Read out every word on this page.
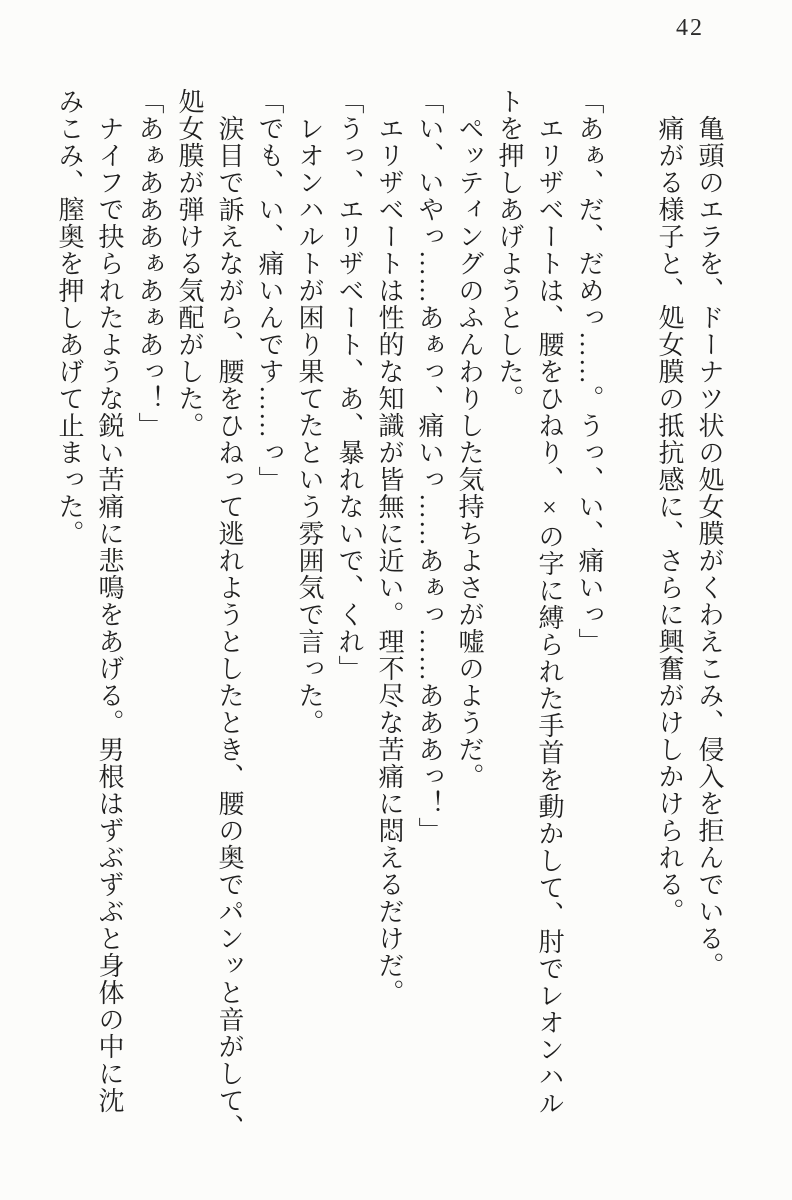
42
亀頭のエラを、ドーナツ状の処女膜がくわえこみ、侵入を拒んでいる。
痛がる様子と、処女膜の抵抗感に、さらに興奮がけしかけられる。
「あぁ、だ、だめっ……。うっ、い、痛いっ」
エリザベートは、腰をひねり、×の字に縛られた手首を動かして、肘でレオンハル
トを押しあげようとした。
ペッティングのふんわりした気持ちよさが嘘のようだ。
「い、いやっ……あぁっ、痛いっ……あぁっ……あああっ！」
エリザベートは性的な知識が皆無に近い。理不尽な苦痛に悶えるだけだ。
「うっ、エリザベート、あ、暴れないで、くれ」
レオンハルトが困り果てたという雰囲気で言った。
「でも、い、痛いんです……っ」
涙目で訴えながら、腰をひねって逃れようとしたとき、腰の奥でパンッと音がして、
処女膜が弾ける気配がした。
「あぁあああぁあぁあっ！」
ナイフで抉られたような鋭い苦痛に悲鳴をあげる。男根はずぶずぶと身体の中に沈
みこみ、膣奥を押しあげて止まった。
